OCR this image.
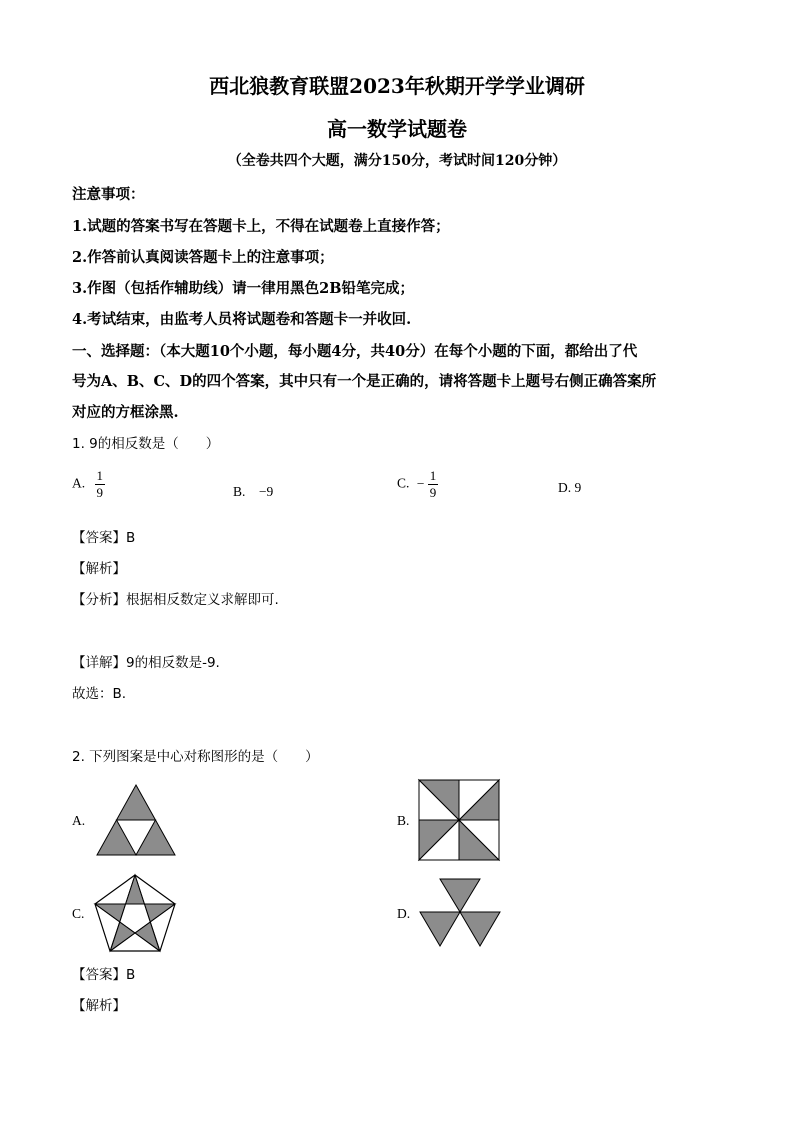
西北狼教育联盟2023年秋期开学学业调研
高一数学试题卷
（全卷共四个大题，满分150分，考试时间120分钟）
注意事项：
1.试题的答案书写在答题卡上，不得在试题卷上直接作答；
2.作答前认真阅读答题卡上的注意事项；
3.作图（包括作辅助线）请一律用黑色2B铅笔完成；
4.考试结束，由监考人员将试题卷和答题卡一并收回.
一、选择题：（本大题10个小题，每小题4分，共40分）在每个小题的下面，都给出了代
号为A、B、C、D的四个答案，其中只有一个是正确的，请将答题卡上题号右侧正确答案所
对应的方框涂黑.
1. 9的相反数是（　　）
A. $\frac{1}{9}$	B.　−9
C. − $\frac{1}{9}$	D. 9
【答案】B
【解析】
【分析】根据相反数定义求解即可.
【详解】9的相反数是-9.
故选：B.
2. 下列图案是中心对称图形的是（　　）
A.	B.
C.	D.
【答案】B
【解析】
